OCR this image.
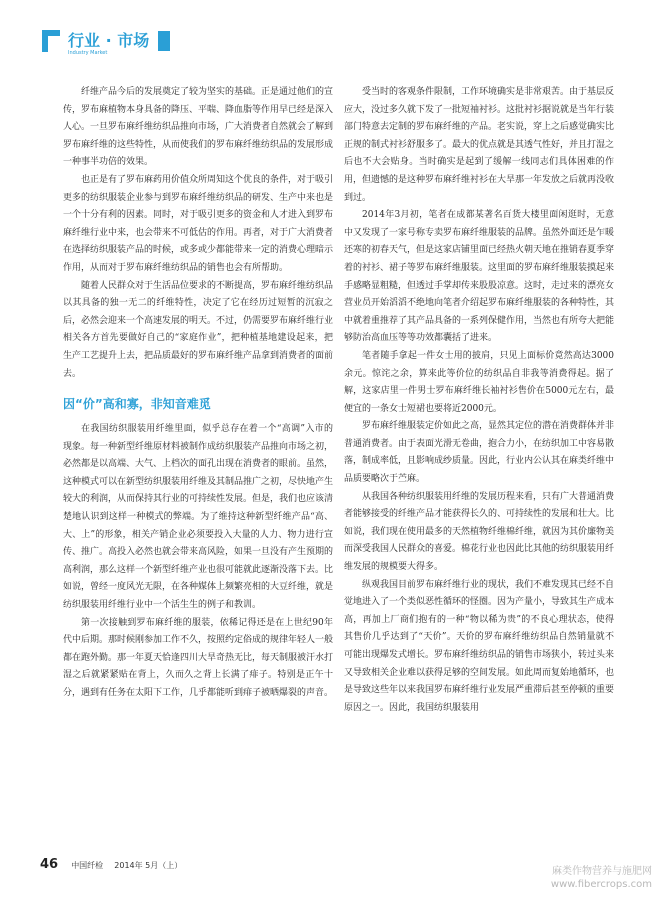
行业 · 市场
Industry Market

纤维产品今后的发展奠定了较为坚实的基础。正是通过他们的宣传，罗布麻植物本身具备的降压、平喘、降血脂等作用早已经是深入人心。一旦罗布麻纤维纺织品推向市场，广大消费者自然就会了解到罗布麻纤维的这些特性，从而使我们的罗布麻纤维纺织品的发展形成一种事半功倍的效果。

也正是有了罗布麻药用价值众所周知这个优良的条件，对于吸引更多的纺织服装企业参与到罗布麻纤维纺织品的研发、生产中来也是一个十分有利的因素。同时，对于吸引更多的资金和人才进入到罗布麻纤维行业中来，也会带来不可低估的作用。再者，对于广大消费者在选择纺织服装产品的时候，或多或少都能带来一定的消费心理暗示作用，从而对于罗布麻纤维纺织品的销售也会有所帮助。

随着人民群众对于生活品位要求的不断提高，罗布麻纤维纺织品以其具备的独一无二的纤维特性，决定了它在经历过短暂的沉寂之后，必然会迎来一个高速发展的明天。不过，仍需要罗布麻纤维行业相关各方首先要做好自己的“家庭作业”，把种植基地建设起来，把生产工艺提升上去，把品质最好的罗布麻纤维产品拿到消费者的面前去。

因“价”高和寡，非知音难觅

在我国纺织服装用纤维里面，似乎总存在着一个“高调”入市的现象。每一种新型纤维原材料被制作成纺织服装产品推向市场之初，必然都是以高端、大气、上档次的面孔出现在消费者的眼前。虽然，这种模式可以在新型纺织服装用纤维及其制品推广之初，尽快地产生较大的利润，从而保持其行业的可持续性发展。但是，我们也应该清楚地认识到这样一种模式的弊端。为了维持这种新型纤维产品“高、大、上”的形象，相关产销企业必须要投入大量的人力、物力进行宣传、推广。高投入必然也就会带来高风险，如果一旦没有产生预期的高利润，那么这样一个新型纤维产业也很可能就此逐渐没落下去。比如说，曾经一度风光无限，在各种媒体上频繁亮相的大豆纤维，就是纺织服装用纤维行业中一个活生生的例子和教训。

第一次接触到罗布麻纤维的服装，依稀记得还是在上世纪90年代中后期。那时候刚参加工作不久，按照约定俗成的规律年轻人一般都在跑外勤。那一年夏天恰逢四川大旱奇热无比，每天制服被汗水打湿之后就紧紧贴在背上，久而久之背上长满了痱子。特别是正午十分，遇到有任务在太阳下工作，几乎都能听到痱子被晒爆裂的声音。

受当时的客观条件限制，工作环境确实是非常艰苦。由于基层反应大，没过多久就下发了一批短袖衬衫。这批衬衫据说就是当年行装部门特意去定制的罗布麻纤维的产品。老实说，穿上之后感觉确实比正规的制式衬衫舒服多了。最大的优点就是其透气性好，并且打湿之后也不大会贴身。当时确实是起到了缓解一线同志们具体困难的作用，但遗憾的是这种罗布麻纤维衬衫在大旱那一年发放之后就再没收到过。

2014年3月初，笔者在成都某著名百货大楼里面闲逛时，无意中又发现了一家号称专卖罗布麻纤维服装的品牌。虽然外面还是乍暖还寒的初春天气，但是这家店铺里面已经热火朝天地在推销春夏季穿着的衬衫、裙子等罗布麻纤维服装。这里面的罗布麻纤维服装摸起来手感略显粗糙，但透过手掌却传来股股凉意。这时，走过来的漂亮女营业员开始滔滔不绝地向笔者介绍起罗布麻纤维服装的各种特性，其中就着重推荐了其产品具备的一系列保健作用，当然也有所夸大把能够防治高血压等等功效都囊括了进来。

笔者随手拿起一件女士用的披肩，只见上面标价竟然高达3000余元。惊诧之余，算来此等价位的纺织品自非我等消费得起。据了解，这家店里一件男士罗布麻纤维长袖衬衫售价在5000元左右，最便宜的一条女士短裙也要将近2000元。

罗布麻纤维服装定价如此之高，显然其定位的潜在消费群体并非普通消费者。由于表面光滑无卷曲，抱合力小，在纺织加工中容易散落，制成率低，且影响成纱质量。因此，行业内公认其在麻类纤维中品质要略次于苎麻。

从我国各种纺织服装用纤维的发展历程来看，只有广大普通消费者能够接受的纤维产品才能获得长久的、可持续性的发展和壮大。比如说，我们现在使用最多的天然植物纤维棉纤维，就因为其价廉物美而深受我国人民群众的喜爱。棉花行业也因此比其他的纺织服装用纤维发展的规模要大得多。

纵观我国目前罗布麻纤维行业的现状，我们不难发现其已经不自觉地进入了一个类似恶性循环的怪圈。因为产量小，导致其生产成本高，再加上厂商们抱有的一种“物以稀为贵”的不良心理状态，使得其售价几乎达到了“天价”。天价的罗布麻纤维纺织品自然销量就不可能出现爆发式增长。罗布麻纤维纺织品的销售市场狭小，转过头来又导致相关企业难以获得足够的空间发展。如此周而复始地循环，也是导致这些年以来我国罗布麻纤维行业发展严重滞后甚至停顿的重要原因之一。因此，我国纺织服装用

46 中国纤检 2014年 5月（上）
麻类作物营养与施肥网
www.fibercrops.com
